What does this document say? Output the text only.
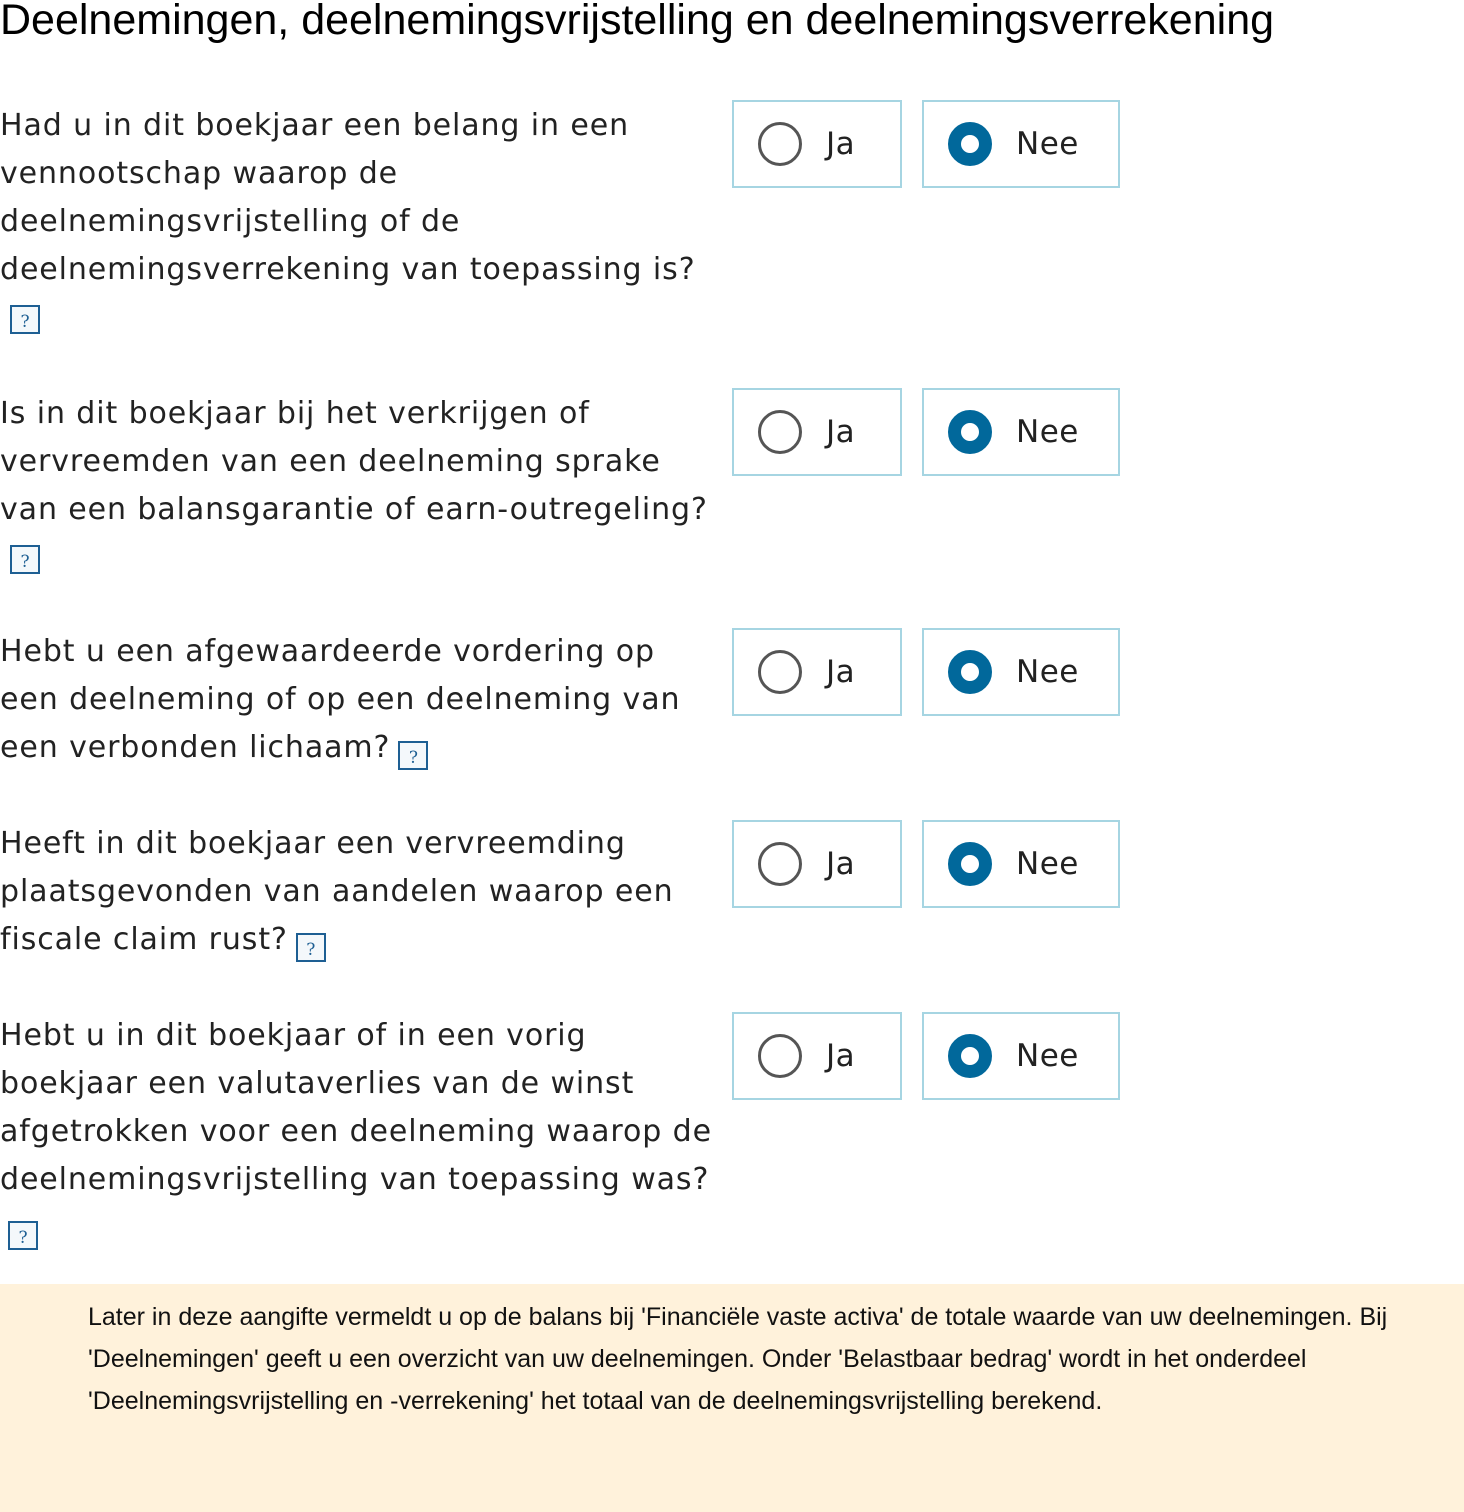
Deelnemingen, deelnemingsvrijstelling en deelnemingsverrekening
Had u in dit boekjaar een belang in een vennootschap waarop de deelnemingsvrijstelling of de deelnemingsverrekening van toepassing is?
?
Ja	Nee
Is in dit boekjaar bij het verkrijgen of vervreemden van een deelneming sprake van een balansgarantie of earn-outregeling?
?
Ja	Nee
Hebt u een afgewaardeerde vordering op een deelneming of op een deelneming van een verbonden lichaam? ?
Ja	Nee
Heeft in dit boekjaar een vervreemding plaatsgevonden van aandelen waarop een fiscale claim rust? ?
Ja	Nee
Hebt u in dit boekjaar of in een vorig boekjaar een valutaverlies van de winst afgetrokken voor een deelneming waarop de deelnemingsvrijstelling van toepassing was??
Ja	Nee

Later in deze aangifte vermeldt u op de balans bij 'Financiële vaste activa' de totale waarde van uw deelnemingen. Bij 'Deelnemingen' geeft u een overzicht van uw deelnemingen. Onder 'Belastbaar bedrag' wordt in het onderdeel 'Deelnemingsvrijstelling en -verrekening' het totaal van de deelnemingsvrijstelling berekend.
